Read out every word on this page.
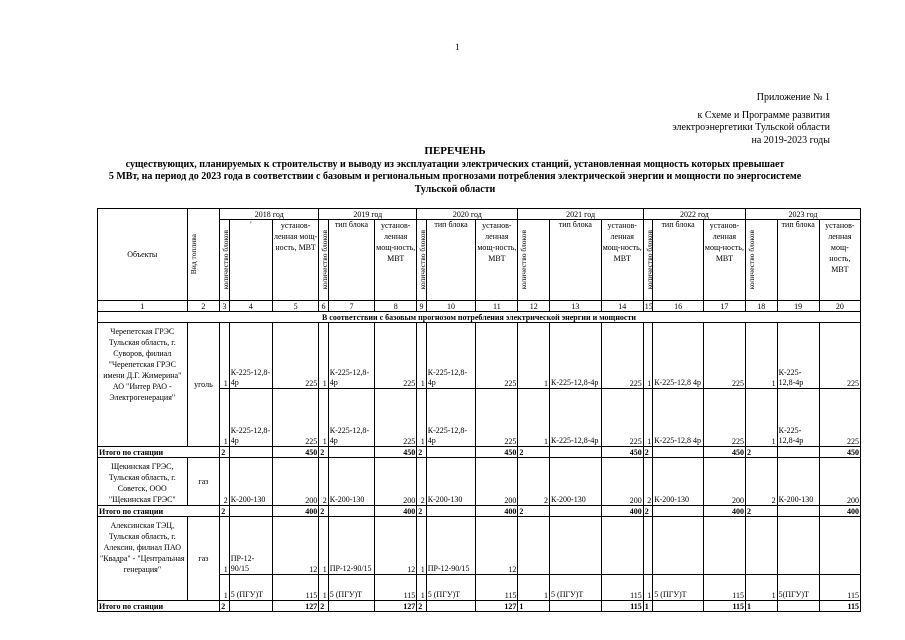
1
Приложение № 1
к Схеме и Программе развития
электроэнергетики Тульской области
на 2019-2023 годы
ПЕРЕЧЕНЬ
существующих, планируемых к строительству и выводу из эксплуатации электрических станций, установленная мощность которых превышает
5 МВт, на период до 2023 года в соответствии с базовым и региональным прогнозами потребления электрической энергии и мощности по энергосистеме
Тульской области
Объекты	Вид топлива	2018 год			2019 год			2020 год			2021 год			2022 год			2023 год		

		количество блоков	'	установ-ленная мощ-ность, МВТ	количество блоков	тип блока	установ-ленная мощ-ность, МВТ	количество блоков	тип блока	установ-ленная мощ-ность, МВТ	количество блоков	тип блока	установ-ленная мощ-ность, МВТ	количество блоков	тип блока	установ-ленная мощ-ность, МВТ	количество блоков	тип блока	установ-ленная мощ-ность, МВТ
1	2	3	4	5	6	7	8	9	10	11	12	13	14	15	16	17	18	19	20
В соответствии с базовым прогнозом потребления электрической энергии и мощности																			
Черепетская ГРЭС Тульская область, г. Суворов, филиал "Черепетская ГРЭС имени Д.Г. Жимерина" АО "Интер РАО - Электрогенерация"	уголь	1	К-225-12,8-4р	225	1	К-225-12,8-4р	225	1	К-225-12,8-4р	225	1	К-225-12,8-4р	225	1	К-225-12,8 4р	225	1	К-225-12,8-4р	225
		1	К-225-12,8-4р	225	1	К-225-12,8-4р	225	1	К-225-12,8-4р	225	1	К-225-12,8-4р	225	1	К-225-12,8 4р	225	1	К-225-12,8-4р	225
Итого по станции		2		450	2		450	2		450	2		450	2		450	2		450
Щекинская ГРЭС, Тульская область, г. Советск, ООО "Щекинская ГРЭС"	газ	2	К-200-130	200	2	К-200-130	200	2	К-200-130	200	2	К-200-130	200	2	К-200-130	200	2	К-200-130	200
Итого по станции		2		400	2		400	2		400	2		400	2		400	2		400
Алексинская ТЭЦ, Тульская область, г. Алексин, филиал ПАО "Квадра" - "Центральная генерация"	газ	1	ПР-12-90/15	12	1	ПР-12-90/15	12	1	ПР-12-90/15	12									
		1	5 (ПГУ)Т	115	1	5 (ПГУ)Т	115	1	5 (ПГУ)Т	115	1	5 (ПГУ)Т	115	1	5 (ПГУ)Т	115	1	5(ПГУ)Т	115
Итого по станции		2		127	2		127	2		127	1		115	1		115	1		115
